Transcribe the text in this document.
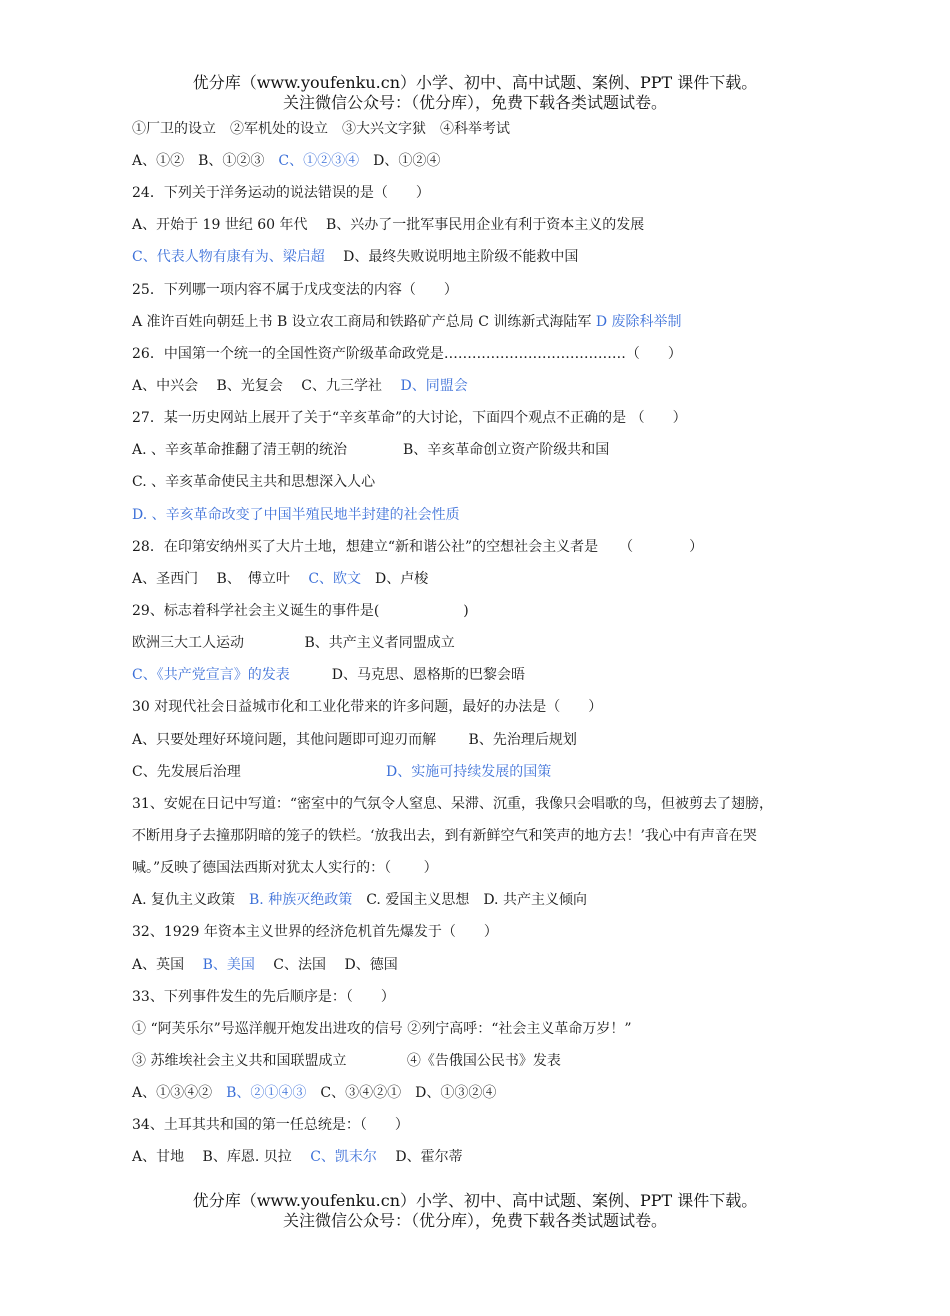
优分库（www.youfenku.cn）小学、初中、高中试题、案例、PPT 课件下载。
关注微信公众号：（优分库），免费下载各类试题试卷。
①厂卫的设立　②军机处的设立　③大兴文字狱　④科举考试
A、①②　B、①②③　C、①②③④　D、①②④
24．下列关于洋务运动的说法错误的是（　　）
A、开始于 19 世纪 60 年代　 B、兴办了一批军事民用企业有利于资本主义的发展
C、代表人物有康有为、梁启超　 D、最终失败说明地主阶级不能救中国
25．下列哪一项内容不属于戊戌变法的内容（　　）
A 准许百姓向朝廷上书 B 设立农工商局和铁路矿产总局 C 训练新式海陆军 D 废除科举制
26．中国第一个统一的全国性资产阶级革命政党是…………………………………（　　）
A、中兴会　 B、光复会　 C、九三学社　 D、同盟会
27．某一历史网站上展开了关于“辛亥革命”的大讨论，下面四个观点不正确的是 （　　）
A. 、辛亥革命推翻了清王朝的统治　　　　B、辛亥革命创立资产阶级共和国
C. 、辛亥革命使民主共和思想深入人心
D. 、辛亥革命改变了中国半殖民地半封建的社会性质
28．在印第安纳州买了大片土地，想建立“新和谐公社”的空想社会主义者是　　（　　　　）
A、圣西门　 B、　傅立叶　 C、欧文　D、卢梭
29、标志着科学社会主义诞生的事件是(　　　　　　)
欧洲三大工人运动　　　　 B、共产主义者同盟成立
C、《共产党宣言》的发表　　　D、马克思、恩格斯的巴黎会晤
30 对现代社会日益城市化和工业化带来的许多问题，最好的办法是（　　）
A、只要处理好环境问题，其他问题即可迎刃而解　　 B、先治理后规划
C、先发展后治理	D、实施可持续发展的国策
31、安妮在日记中写道：“密室中的气氛令人窒息、呆滞、沉重，我像只会唱歌的鸟，但被剪去了翅膀，
不断用身子去撞那阴暗的笼子的铁栏。‘放我出去，到有新鲜空气和笑声的地方去！’我心中有声音在哭
喊。”反映了德国法西斯对犹太人实行的：（　　 ）
A. 复仇主义政策　B. 种族灭绝政策　C. 爱国主义思想　D. 共产主义倾向
32、1929 年资本主义世界的经济危机首先爆发于（　　）
A、英国　 B、美国　 C、法国　 D、德国
33、下列事件发生的先后顺序是：（　　）
① “阿芙乐尔”号巡洋舰开炮发出进攻的信号 ②列宁高呼：“社会主义革命万岁！”
③ 苏维埃社会主义共和国联盟成立　　　　 ④《告俄国公民书》发表
A、①③④②　B、②①④③　C、③④②①　D、①③②④
34、土耳其共和国的第一任总统是：（　　）
A、甘地　 B、库恩. 贝拉　 C、凯末尔　 D、霍尔蒂
优分库（www.youfenku.cn）小学、初中、高中试题、案例、PPT 课件下载。
关注微信公众号：（优分库），免费下载各类试题试卷。
